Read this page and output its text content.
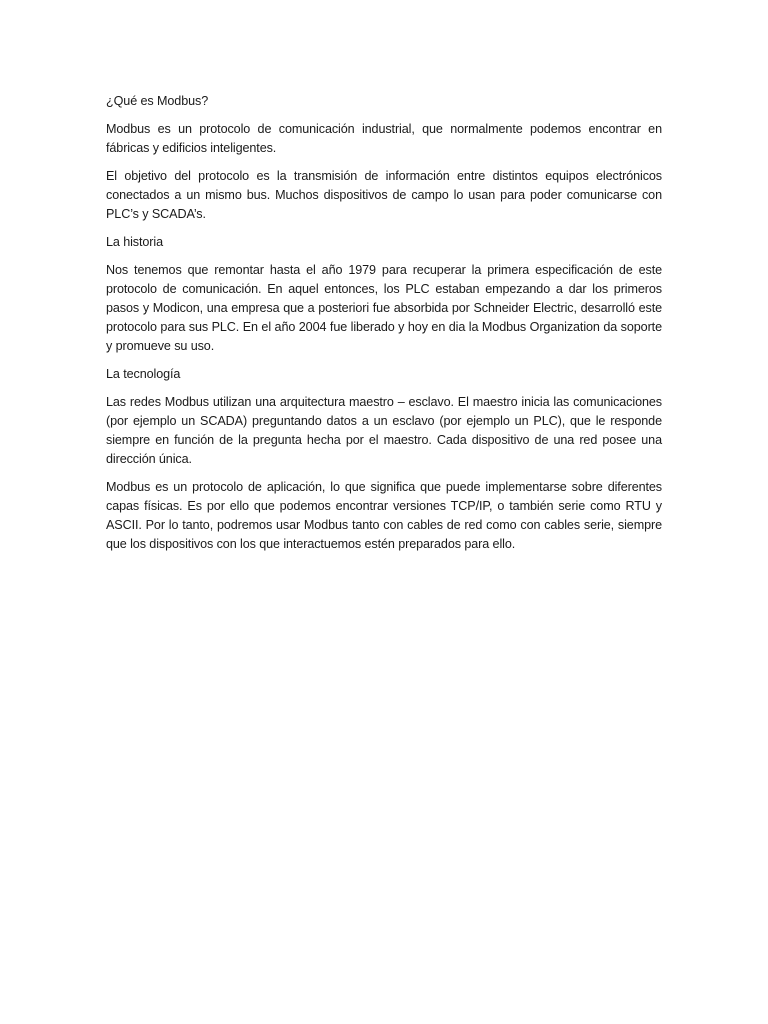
¿Qué es Modbus?

Modbus es un protocolo de comunicación industrial, que normalmente podemos encontrar en fábricas y edificios inteligentes.

El objetivo del protocolo es la transmisión de información entre distintos equipos electrónicos conectados a un mismo bus. Muchos dispositivos de campo lo usan para poder comunicarse con PLC’s y SCADA’s.

La historia

Nos tenemos que remontar hasta el año 1979 para recuperar la primera especificación de este protocolo de comunicación. En aquel entonces, los PLC estaban empezando a dar los primeros pasos y Modicon, una empresa que a posteriori fue absorbida por Schneider Electric, desarrolló este protocolo para sus PLC. En el año 2004 fue liberado y hoy en dia la Modbus Organization da soporte y promueve su uso.

La tecnología

Las redes Modbus utilizan una arquitectura maestro – esclavo. El maestro inicia las comunicaciones (por ejemplo un SCADA) preguntando datos a un esclavo (por ejemplo un PLC), que le responde siempre en función de la pregunta hecha por el maestro. Cada dispositivo de una red posee una dirección única.

Modbus es un protocolo de aplicación, lo que significa que puede implementarse sobre diferentes capas físicas. Es por ello que podemos encontrar versiones TCP/IP, o también serie como RTU y ASCII. Por lo tanto, podremos usar Modbus tanto con cables de red como con cables serie, siempre que los dispositivos con los que interactuemos estén preparados para ello.
